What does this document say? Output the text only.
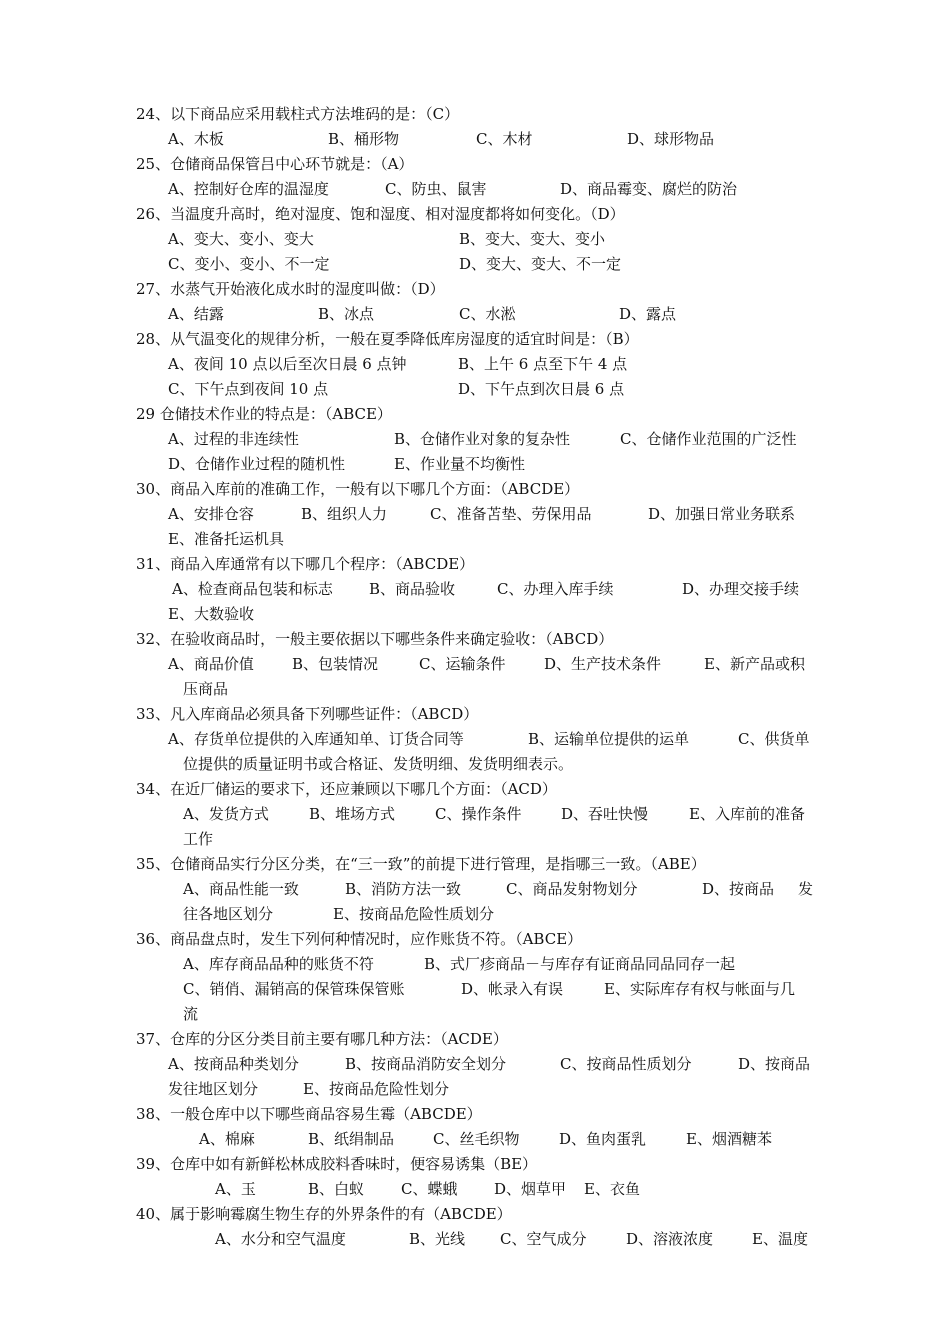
24、以下商品应采用载柱式方法堆码的是：（C）
A、木板	B、桶形物	C、木材	D、球形物品
25、仓储商品保管吕中心环节就是：（A）
A、控制好仓库的温湿度	C、防虫、鼠害	D、商品霉变、腐烂的防治
26、当温度升高时，绝对湿度、饱和湿度、相对湿度都将如何变化。（D）
A、变大、变小、变大	B、变大、变大、变小
C、变小、变小、不一定	D、变大、变大、不一定
27、水蒸气开始液化成水时的湿度叫做：（D）
A、结露	B、冰点	C、水淞	D、露点
28、从气温变化的规律分析，一般在夏季降低库房湿度的适宜时间是：（B）
A、夜间 10 点以后至次日晨 6 点钟	B、上午 6 点至下午 4 点
C、下午点到夜间 10 点	D、下午点到次日晨 6 点
29 仓储技术作业的特点是：（ABCE）
A、过程的非连续性	B、仓储作业对象的复杂性	C、仓储作业范围的广泛性
D、仓储作业过程的随机性	E、作业量不均衡性
30、商品入库前的准确工作，一般有以下哪几个方面：（ABCDE）
A、安排仓容	B、组织人力	C、准备苫垫、劳保用品	D、加强日常业务联系
E、准备托运机具
31、商品入库通常有以下哪几个程序：（ABCDE）
A、检查商品包装和标志 B、商品验收	C、办理入库手续	D、办理交接手续
E、大数验收
32、在验收商品时，一般主要依据以下哪些条件来确定验收：（ABCD）
A、商品价值	B、包装情况	C、运输条件	D、生产技术条件	E、新产品或积
压商品
33、凡入库商品必须具备下列哪些证件：（ABCD）
A、存货单位提供的入库通知单、订货合同等	B、运输单位提供的运单	C、供货单
位提供的质量证明书或合格证、发货明细、发货明细表示。
34、在近厂储运的要求下，还应兼顾以下哪几个方面：（ACD）
A、发货方式	B、堆场方式	C、操作条件	D、吞吐快慢	E、入库前的准备
工作
35、仓储商品实行分区分类，在“三一致”的前提下进行管理，是指哪三一致。（ABE）
A、商品性能一致	B、消防方法一致	C、商品发射物划分	D、按商品 发
往各地区划分	E、按商品危险性质划分
36、商品盘点时，发生下列何种情况时，应作账货不符。（ABCE）
A、库存商品品种的账货不符	B、式厂疹商品－与库存有证商品同品同存一起
C、销俏、漏销高的保管珠保管账	D、帐录入有误	E、实际库存有权与帐面与几
流
37、仓库的分区分类目前主要有哪几种方法：（ACDE）
A、按商品种类划分	B、按商品消防安全划分	C、按商品性质划分	D、按商品
发往地区划分	E、按商品危险性划分
38、一般仓库中以下哪些商品容易生霉（ABCDE）
A、棉麻	B、纸绢制品	C、丝毛织物	D、鱼肉蛋乳	E、烟酒糖苯
39、仓库中如有新鲜松林成胶料香味时，便容易诱集（BE）
A、玉	B、白蚁 C、蝶蛾 D、烟草甲 E、衣鱼
40、属于影响霉腐生物生存的外界条件的有（ABCDE）
A、水分和空气温度	B、光线 C、空气成分	D、溶液浓度	E、温度
